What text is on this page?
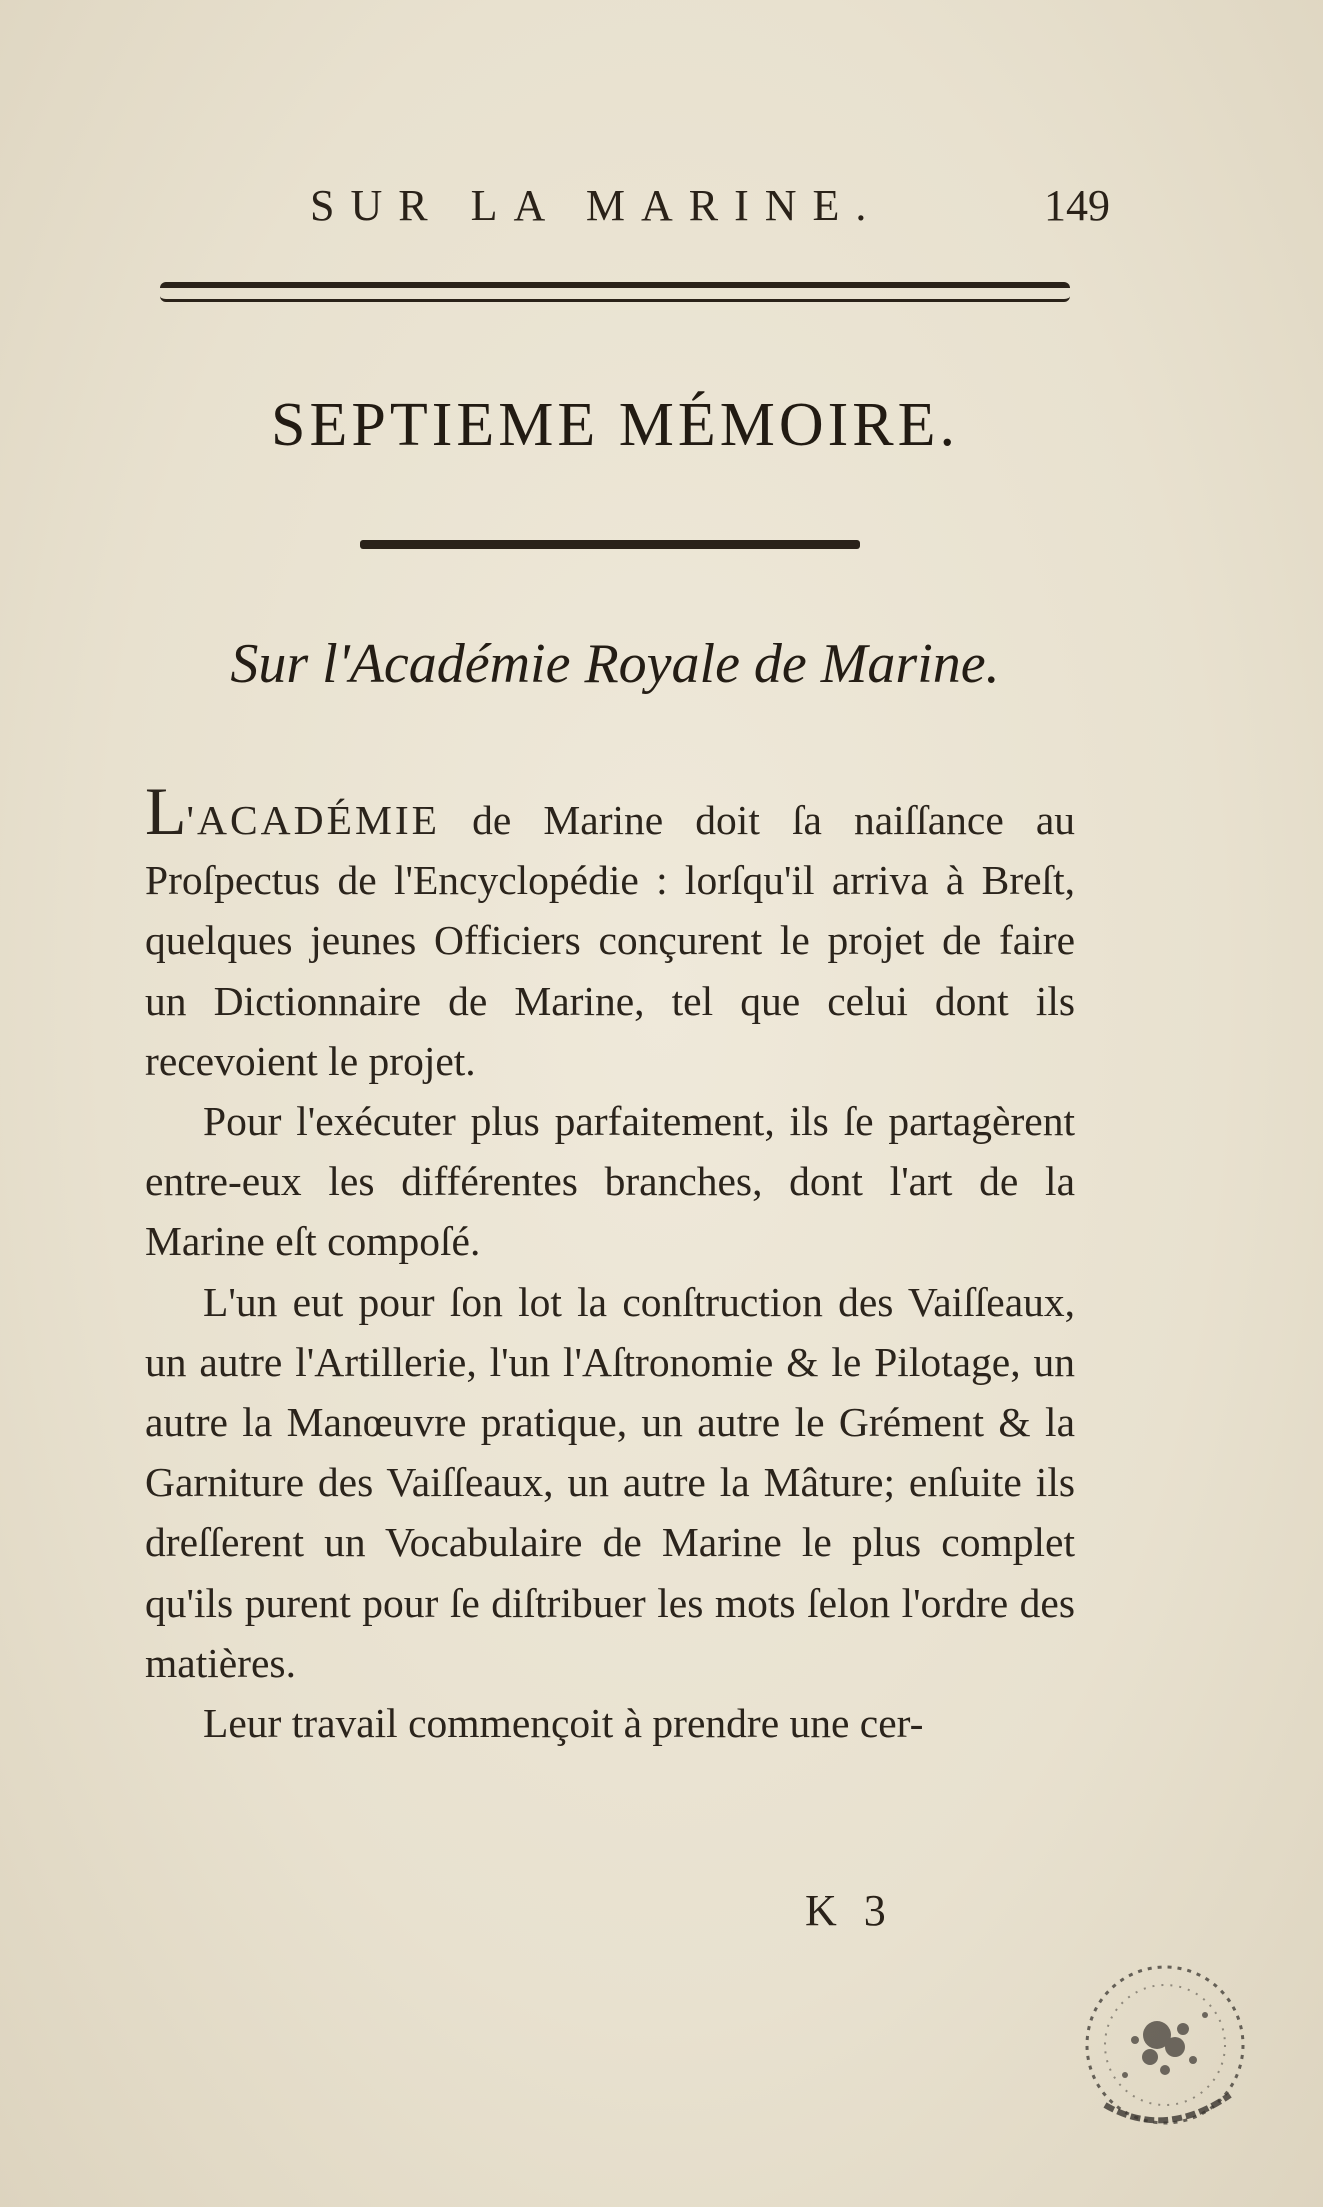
SUR LA MARINE.	149
SEPTIEME MÉMOIRE.
Sur l'Académie Royale de Marine.

L'ACADÉMIE de Marine doit ſa naiſſance au Proſpectus de l'Encyclopédie : lorſqu'il arriva à Breſt, quelques jeunes Officiers conçurent le projet de faire un Dictionnaire de Marine, tel que celui dont ils recevoient le projet.

Pour l'exécuter plus parfaitement, ils ſe partagèrent entre-eux les différentes branches, dont l'art de la Marine eſt compoſé.

L'un eut pour ſon lot la conſtruction des Vaiſſeaux, un autre l'Artillerie, l'un l'Aſtronomie & le Pilotage, un autre la Manœuvre pratique, un autre le Grément & la Garniture des Vaiſſeaux, un autre la Mâture; enſuite ils dreſſerent un Vocabulaire de Marine le plus complet qu'ils purent pour ſe diſtribuer les mots ſelon l'ordre des matières.

Leur travail commençoit à prendre une cer-

K 3
